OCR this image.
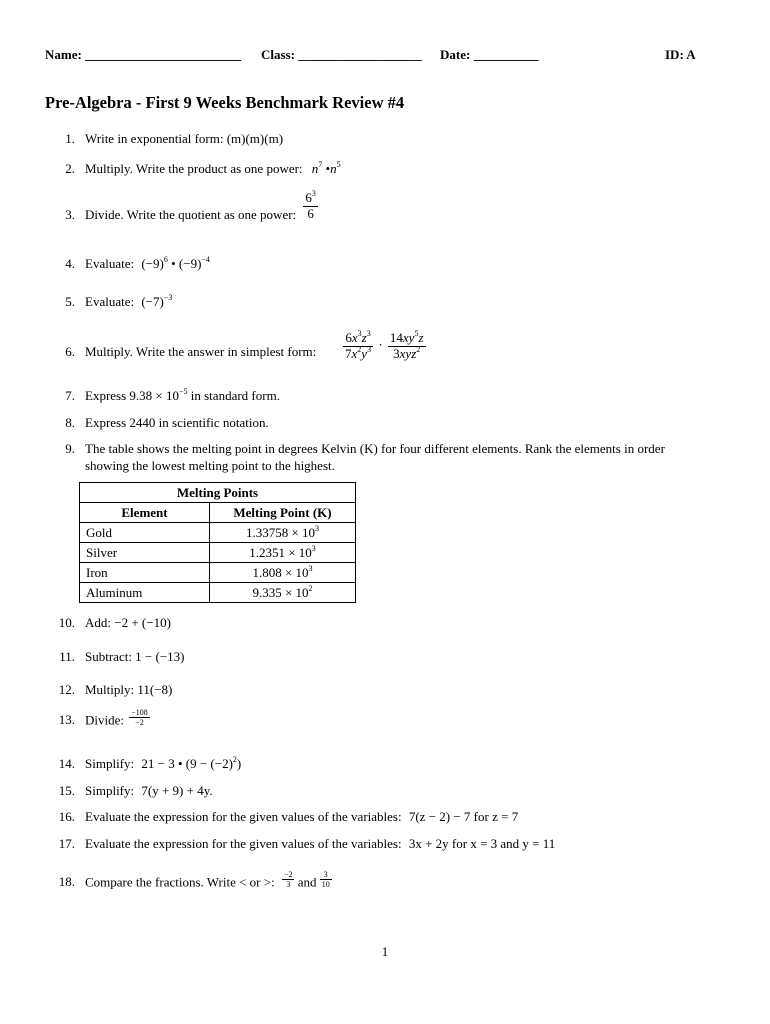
Name: ________________________ Class: ___________________ Date: __________	ID: A
Pre-Algebra - First 9 Weeks Benchmark Review #4
1. Write in exponential form: (m)(m)(m)
2. Multiply. Write the product as one power: $n^7$ $•n^5$
3. Divide. Write the quotient as one power: $\frac{6^3}{6}$
4. Evaluate: $(-9)^6$ • $(-9)^{-4}$
5. Evaluate: $(-7)^{-3}$
6. Multiply. Write the answer in simplest form: $\frac{6x^3z^3}{7x^2y^3} \cdot \frac{14xy^5z}{3xyz^2}$
7. Express $9.38 \times 10^{-5}$ in standard form.
8. Express 2440 in scientific notation.
9. The table shows the melting point in degrees Kelvin (K) for four different elements. Rank the elements in order
showing the lowest melting point to the highest.
Melting Points	
Element	Melting Point (K)
Gold	$1.33758 \times 10^3$
Silver	$1.2351 \times 10^3$
Iron	$1.808 \times 10^3$
Aluminum	$9.335 \times 10^2$
10. Add: −2 + (−10)
11. Subtract: 1 − (−13)
12. Multiply: 11(−8)
13. Divide: $\frac{-108}{-2}$
14. Simplify: 21 − 3 • $(9 - (-2)^2)$
15. Simplify: 7(y + 9) + 4y.
16. Evaluate the expression for the given values of the variables: 7(z − 2) − 7 for z = 7
17. Evaluate the expression for the given values of the variables: 3x + 2y for x = 3 and y = 11
18. Compare the fractions. Write < or >: $\frac{-2}{3}$ and $\frac{3}{10}$
1
